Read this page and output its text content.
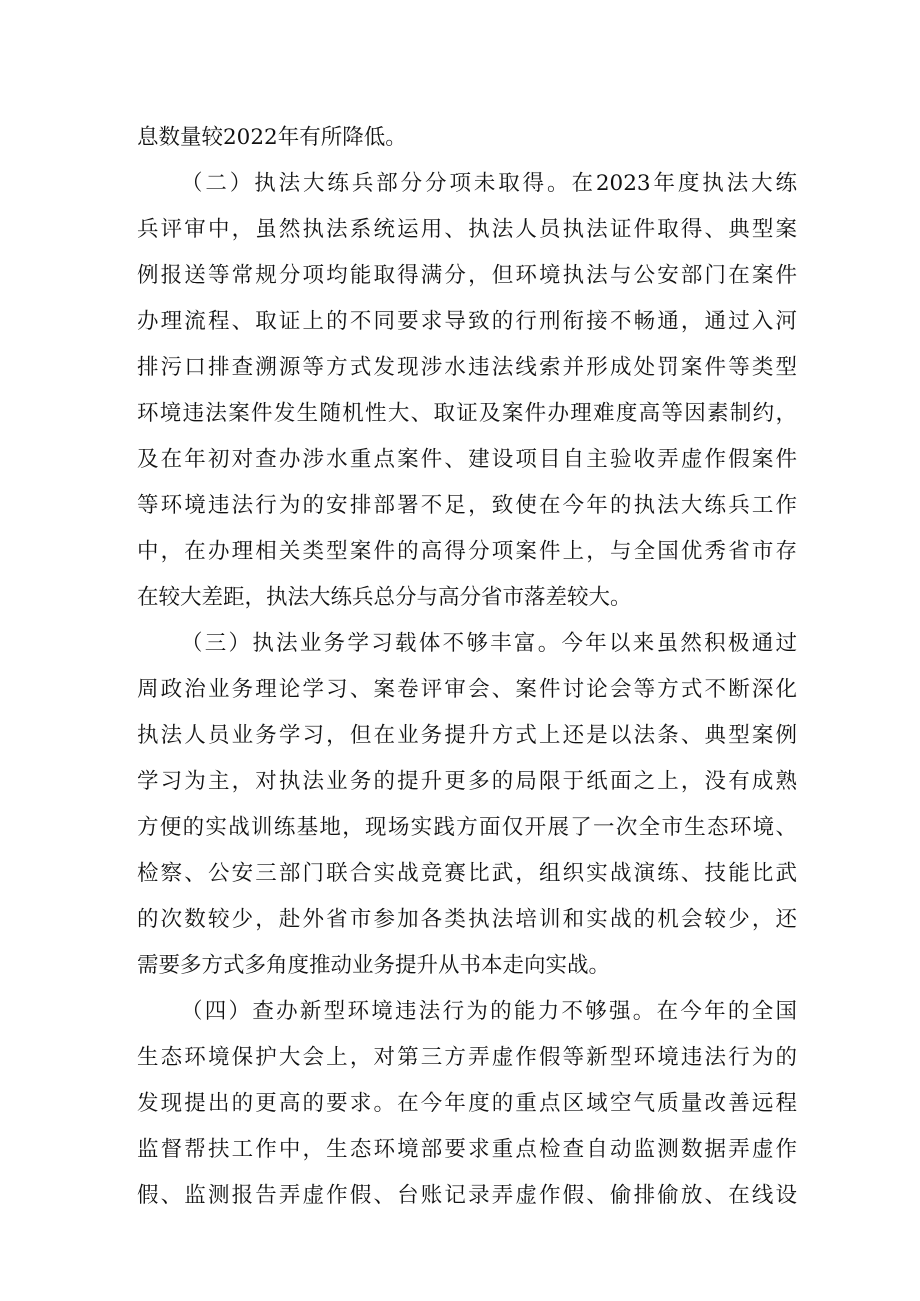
息数量较2022年有所降低。
（二）执法大练兵部分分项未取得。在2023年度执法大练
兵评审中，虽然执法系统运用、执法人员执法证件取得、典型案
例报送等常规分项均能取得满分，但环境执法与公安部门在案件
办理流程、取证上的不同要求导致的行刑衔接不畅通，通过入河
排污口排查溯源等方式发现涉水违法线索并形成处罚案件等类型
环境违法案件发生随机性大、取证及案件办理难度高等因素制约，
及在年初对查办涉水重点案件、建设项目自主验收弄虚作假案件
等环境违法行为的安排部署不足，致使在今年的执法大练兵工作
中，在办理相关类型案件的高得分项案件上，与全国优秀省市存
在较大差距，执法大练兵总分与高分省市落差较大。
（三）执法业务学习载体不够丰富。今年以来虽然积极通过
周政治业务理论学习、案卷评审会、案件讨论会等方式不断深化
执法人员业务学习，但在业务提升方式上还是以法条、典型案例
学习为主，对执法业务的提升更多的局限于纸面之上，没有成熟
方便的实战训练基地，现场实践方面仅开展了一次全市生态环境、
检察、公安三部门联合实战竞赛比武，组织实战演练、技能比武
的次数较少，赴外省市参加各类执法培训和实战的机会较少，还
需要多方式多角度推动业务提升从书本走向实战。
（四）查办新型环境违法行为的能力不够强。在今年的全国
生态环境保护大会上，对第三方弄虚作假等新型环境违法行为的
发现提出的更高的要求。在今年度的重点区域空气质量改善远程
监督帮扶工作中，生态环境部要求重点检查自动监测数据弄虚作
假、监测报告弄虚作假、台账记录弄虚作假、偷排偷放、在线设
